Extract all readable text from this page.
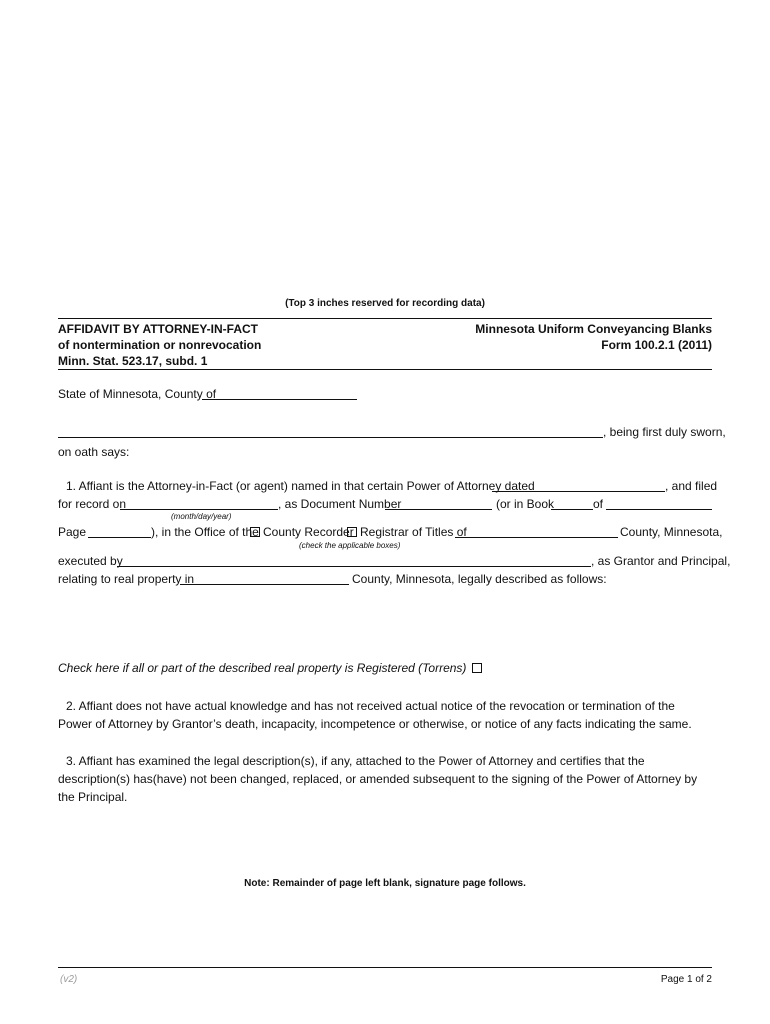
(Top 3 inches reserved for recording data)
AFFIDAVIT BY ATTORNEY-IN-FACT
of nontermination or nonrevocation
Minn. Stat. 523.17, subd. 1
Minnesota Uniform Conveyancing Blanks
Form 100.2.1 (2011)
State of Minnesota, County of
, being first duly sworn,
on oath says:
1. Affiant is the Attorney-in-Fact (or agent) named in that certain Power of Attorney dated	, and filed
for record on	, as Document Number	(or in Book	of
(month/day/year)
Page	), in the Office of the County Recorder Registrar of Titles of	County, Minnesota,
(check the applicable boxes)
executed by	, as Grantor and Principal,
relating to real property in	County, Minnesota, legally described as follows:
Check here if all or part of the described real property is Registered (Torrens)
2. Affiant does not have actual knowledge and has not received actual notice of the revocation or termination of the Power of Attorney by Grantor’s death, incapacity, incompetence or otherwise, or notice of any facts indicating the same.
3. Affiant has examined the legal description(s), if any, attached to the Power of Attorney and certifies that the description(s) has(have) not been changed, replaced, or amended subsequent to the signing of the Power of Attorney by the Principal.
Note: Remainder of page left blank, signature page follows.
(v2)	Page 1 of 2
